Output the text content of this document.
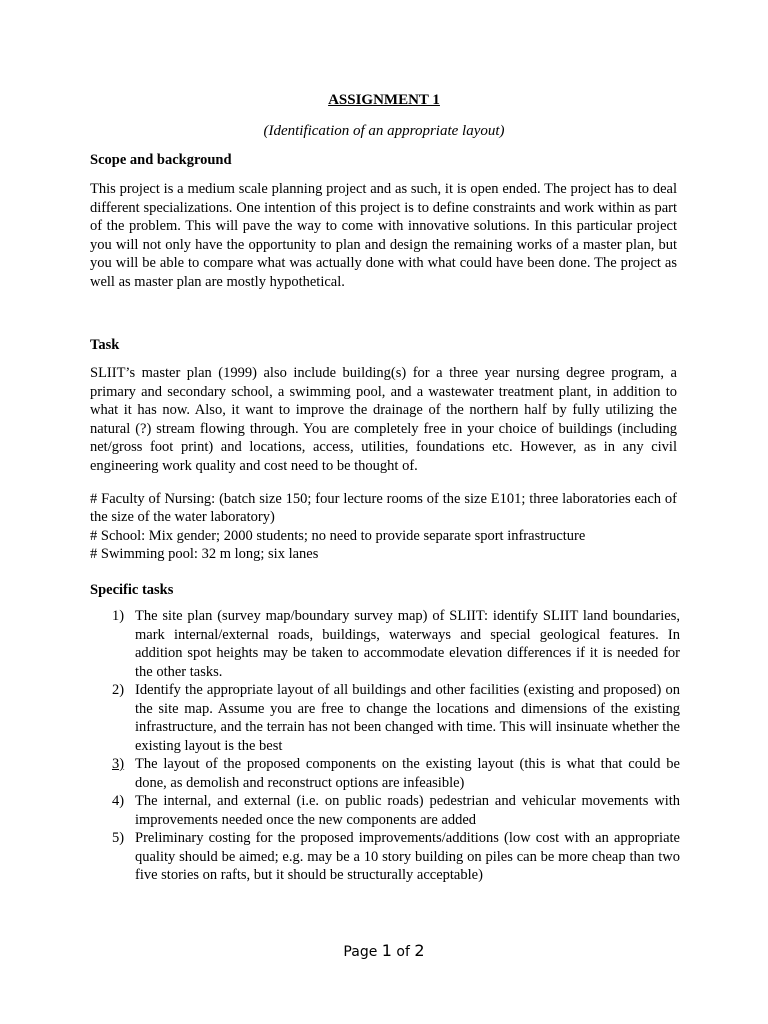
ASSIGNMENT 1
(Identification of an appropriate layout)
Scope and background

This project is a medium scale planning project and as such, it is open ended. The project has to deal different specializations. One intention of this project is to define constraints and work within as part of the problem. This will pave the way to come with innovative solutions. In this particular project you will not only have the opportunity to plan and design the remaining works of a master plan, but you will be able to compare what was actually done with what could have been done. The project as well as master plan are mostly hypothetical.

Task

SLIIT’s master plan (1999) also include building(s) for a three year nursing degree program, a primary and secondary school, a swimming pool, and a wastewater treatment plant, in addition to what it has now. Also, it want to improve the drainage of the northern half by fully utilizing the natural (?) stream flowing through. You are completely free in your choice of buildings (including net/gross foot print) and locations, access, utilities, foundations etc. However, as in any civil engineering work quality and cost need to be thought of.

# Faculty of Nursing: (batch size 150; four lecture rooms of the size E101; three laboratories each of the size of the water laboratory)

# School: Mix gender; 2000 students; no need to provide separate sport infrastructure

# Swimming pool: 32 m long; six lanes

Specific tasks
1) The site plan (survey map/boundary survey map) of SLIIT: identify SLIIT land boundaries, mark internal/external roads, buildings, waterways and special geological features. In addition spot heights may be taken to accommodate elevation differences if it is needed for the other tasks.
2) Identify the appropriate layout of all buildings and other facilities (existing and proposed) on the site map. Assume you are free to change the locations and dimensions of the existing infrastructure, and the terrain has not been changed with time. This will insinuate whether the existing layout is the best
3) The layout of the proposed components on the existing layout (this is what that could be done, as demolish and reconstruct options are infeasible)
4) The internal, and external (i.e. on public roads) pedestrian and vehicular movements with improvements needed once the new components are added
5) Preliminary costing for the proposed improvements/additions (low cost with an appropriate quality should be aimed; e.g. may be a 10 story building on piles can be more cheap than two five stories on rafts, but it should be structurally acceptable)
Page 1 of 2
